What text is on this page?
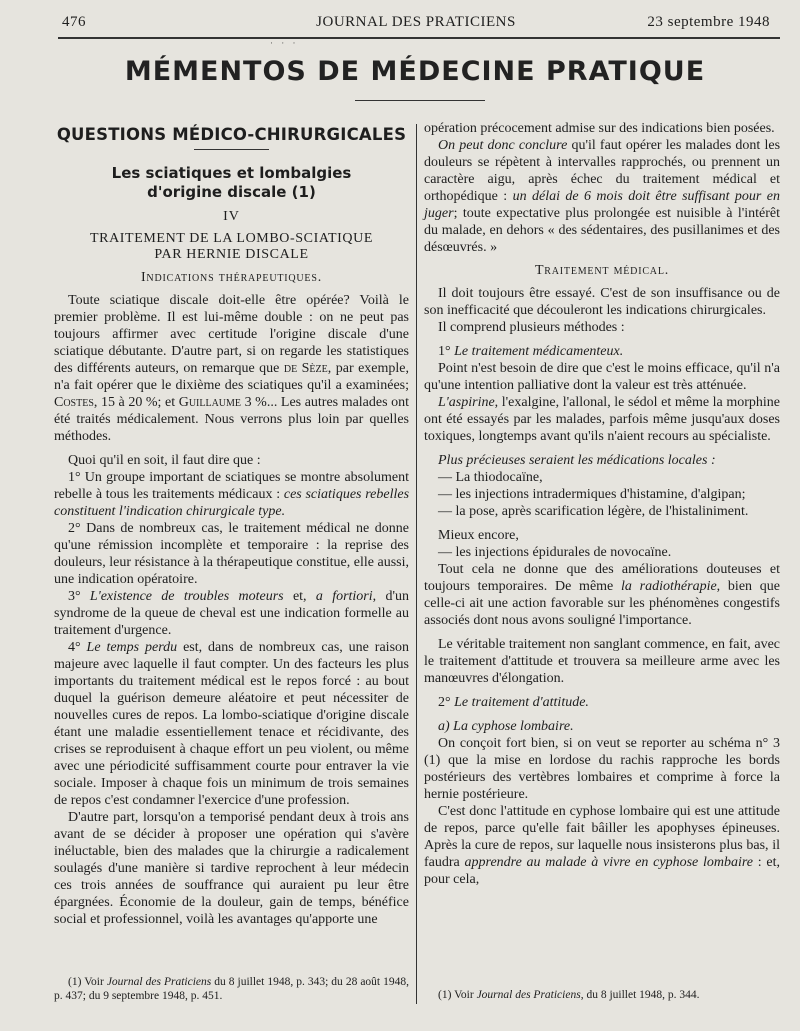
476	JOURNAL DES PRATICIENS	23 septembre 1948
· · ·
MÉMENTOS DE MÉDECINE PRATIQUE
QUESTIONS MÉDICO-CHIRURGICALES
Les sciatiques et lombalgies
d'origine discale (1)
IV
TRAITEMENT DE LA LOMBO-SCIATIQUE
PAR HERNIE DISCALE
Indications thérapeutiques.

Toute sciatique discale doit-elle être opérée? Voilà le premier problème. Il est lui-même double : on ne peut pas toujours affirmer avec certitude l'origine discale d'une sciatique débutante. D'autre part, si on regarde les statistiques des différents auteurs, on remarque que de Sèze, par exemple, n'a fait opérer que le dixième des sciatiques qu'il a examinées; Costes, 15 à 20 %; et Guillaume 3 %... Les autres malades ont été traités médicalement. Nous verrons plus loin par quelles méthodes.

Quoi qu'il en soit, il faut dire que :

1° Un groupe important de sciatiques se montre absolument rebelle à tous les traitements médicaux : ces sciatiques rebelles constituent l'indication chirurgicale type.

2° Dans de nombreux cas, le traitement médical ne donne qu'une rémission incomplète et temporaire : la reprise des douleurs, leur résistance à la thérapeutique constitue, elle aussi, une indication opératoire.

3° L'existence de troubles moteurs et, a fortiori, d'un syndrome de la queue de cheval est une indication formelle au traitement d'urgence.

4° Le temps perdu est, dans de nombreux cas, une raison majeure avec laquelle il faut compter. Un des facteurs les plus importants du traitement médical est le repos forcé : au bout duquel la guérison demeure aléatoire et peut nécessiter de nouvelles cures de repos. La lombo-sciatique d'origine discale étant une maladie essentiellement tenace et récidivante, des crises se reproduisent à chaque effort un peu violent, ou même avec une périodicité suffisamment courte pour entraver la vie sociale. Imposer à chaque fois un minimum de trois semaines de repos c'est condamner l'exercice d'une profession.

D'autre part, lorsqu'on a temporisé pendant deux à trois ans avant de se décider à proposer une opération qui s'avère inéluctable, bien des malades que la chirurgie a radicalement soulagés d'une manière si tardive reprochent à leur médecin ces trois années de souffrance qui auraient pu leur être épargnées. Économie de la douleur, gain de temps, bénéfice social et professionnel, voilà les avantages qu'apporte une

(1) Voir Journal des Praticiens du 8 juillet 1948, p. 343; du 28 août 1948, p. 437; du 9 septembre 1948, p. 451.

opération précocement admise sur des indications bien posées.

On peut donc conclure qu'il faut opérer les malades dont les douleurs se répètent à intervalles rapprochés, ou prennent un caractère aigu, après échec du traitement médical et orthopédique : un délai de 6 mois doit être suffisant pour en juger; toute expectative plus prolongée est nuisible à l'intérêt du malade, en dehors « des sédentaires, des pusillanimes et des désœuvrés. »

Traitement médical.

Il doit toujours être essayé. C'est de son insuffisance ou de son inefficacité que découleront les indications chirurgicales.

Il comprend plusieurs méthodes :

1° Le traitement médicamenteux.

Point n'est besoin de dire que c'est le moins efficace, qu'il n'a qu'une intention palliative dont la valeur est très atténuée.

L'aspirine, l'exalgine, l'allonal, le sédol et même la morphine ont été essayés par les malades, parfois même jusqu'aux doses toxiques, longtemps avant qu'ils n'aient recours au spécialiste.

Plus précieuses seraient les médications locales :

— La thiodocaïne,

— les injections intradermiques d'histamine, d'algipan;

— la pose, après scarification légère, de l'histaliniment.

Mieux encore,

— les injections épidurales de novocaïne.

Tout cela ne donne que des améliorations douteuses et toujours temporaires. De même la radiothérapie, bien que celle-ci ait une action favorable sur les phénomènes congestifs associés dont nous avons souligné l'importance.

Le véritable traitement non sanglant commence, en fait, avec le traitement d'attitude et trouvera sa meilleure arme avec les manœuvres d'élongation.

2° Le traitement d'attitude.

a) La cyphose lombaire.

On conçoit fort bien, si on veut se reporter au schéma n° 3 (1) que la mise en lordose du rachis rapproche les bords postérieurs des vertèbres lombaires et comprime à force la hernie postérieure.

C'est donc l'attitude en cyphose lombaire qui est une attitude de repos, parce qu'elle fait bâiller les apophyses épineuses. Après la cure de repos, sur laquelle nous insisterons plus bas, il faudra apprendre au malade à vivre en cyphose lombaire : et, pour cela,

(1) Voir Journal des Praticiens, du 8 juillet 1948, p. 344.
